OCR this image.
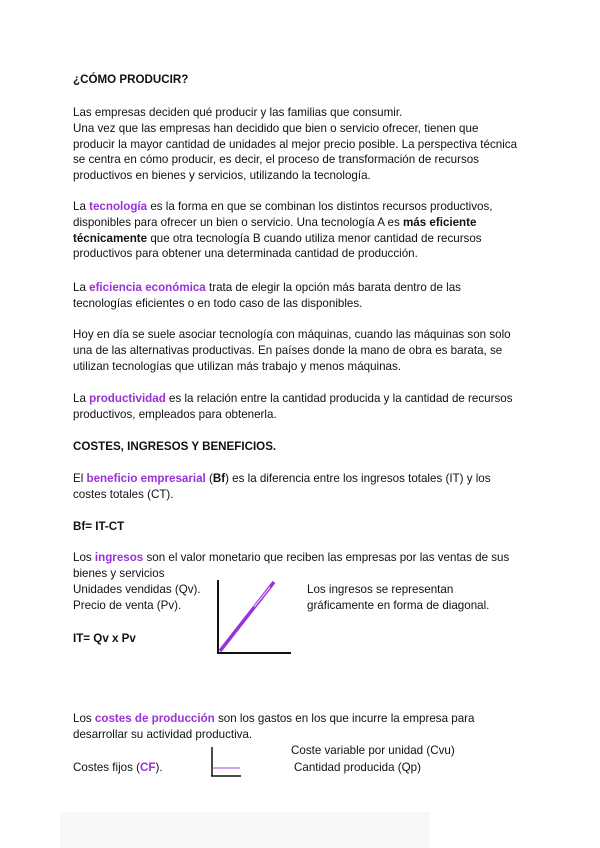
¿CÓMO PRODUCIR?

Las empresas deciden qué producir y las familias que consumir.
Una vez que las empresas han decidido que bien o servicio ofrecer, tienen que producir la mayor cantidad de unidades al mejor precio posible. La perspectiva técnica se centra en cómo producir, es decir, el proceso de transformación de recursos productivos en bienes y servicios, utilizando la tecnología.

La tecnología es la forma en que se combinan los distintos recursos productivos, disponibles para ofrecer un bien o servicio. Una tecnología A es más eficiente técnicamente que otra tecnología B cuando utiliza menor cantidad de recursos productivos para obtener una determinada cantidad de producción.

La eficiencia económica trata de elegir la opción más barata dentro de las tecnologías eficientes o en todo caso de las disponibles.

Hoy en día se suele asociar tecnología con máquinas, cuando las máquinas son solo una de las alternativas productivas. En países donde la mano de obra es barata, se utilizan tecnologías que utilizan más trabajo y menos máquinas.

La productividad es la relación entre la cantidad producida y la cantidad de recursos productivos, empleados para obtenerla.

COSTES, INGRESOS Y BENEFICIOS.

El beneficio empresarial (Bf) es la diferencia entre los ingresos totales (IT) y los costes totales (CT).

Bf= IT-CT

Los ingresos son el valor monetario que reciben las empresas por las ventas de sus bienes y servicios

Unidades vendidas (Qv).
Precio de venta (Pv).
Los ingresos se representan
gráficamente en forma de diagonal.
IT= Qv x Pv

Los costes de producción son los gastos en los que incurre la empresa para desarrollar su actividad productiva.

Coste variable por unidad (Cvu)
Costes fijos (CF).	Cantidad producida (Qp)
